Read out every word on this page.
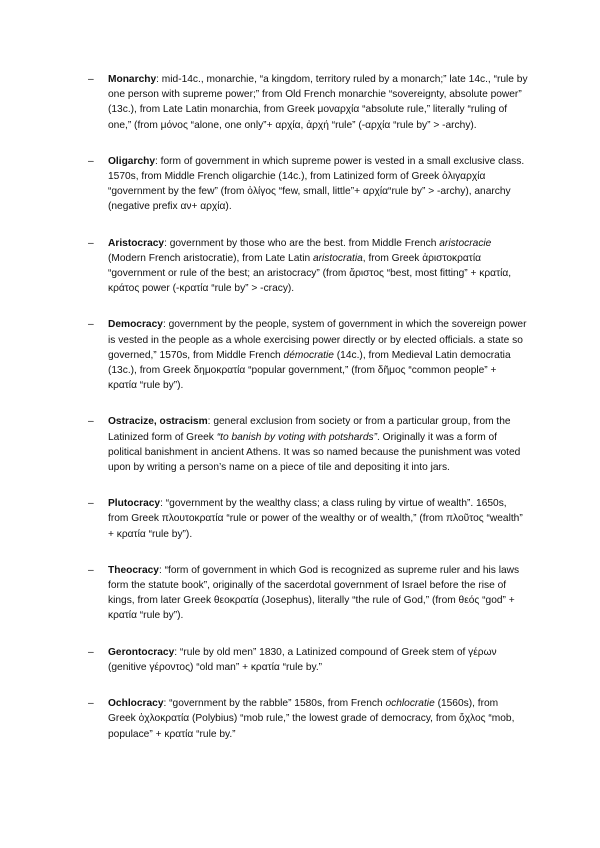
– Monarchy: mid-14c., monarchie, “a kingdom, territory ruled by a monarch;” late 14c., “rule by one person with supreme power;” from Old French monarchie “sovereignty, absolute power” (13c.), from Late Latin monarchia, from Greek μοναρχία “absolute rule,” literally “ruling of one,” (from μόνος “alone, one only”+ αρχία, ἀρχή “rule” (-αρχία “rule by” > -archy).
– Oligarchy: form of government in which supreme power is vested in a small exclusive class. 1570s, from Middle French oligarchie (14c.), from Latinized form of Greek ὀλιγαρχία “government by the few” (from ὀλίγος “few, small, little”+ αρχία“rule by” > -archy), anarchy (negative prefix αν+ αρχία).
– Aristocracy: government by those who are the best. from Middle French aristocracie (Modern French aristocratie), from Late Latin aristocratia, from Greek ἀριστοκρατία “government or rule of the best; an aristocracy” (from ἄριστος “best, most fitting” + κρατία, κράτος power (-κρατία “rule by” > -cracy).
– Democracy: government by the people, system of government in which the sovereign power is vested in the people as a whole exercising power directly or by elected officials. a state so governed,” 1570s, from Middle French démocratie (14c.), from Medieval Latin democratia (13c.), from Greek δημοκρατία “popular government,” (from δῆμος “common people” + κρατία “rule by”).
– Ostracize, ostracism: general exclusion from society or from a particular group, from the Latinized form of Greek “to banish by voting with potshards”. Originally it was a form of political banishment in ancient Athens. It was so named because the punishment was voted upon by writing a person’s name on a piece of tile and depositing it into jars.
– Plutocracy: “government by the wealthy class; a class ruling by virtue of wealth”. 1650s, from Greek πλουτοκρατία “rule or power of the wealthy or of wealth,” (from πλοῦτος “wealth” + κρατία “rule by”).
– Theocracy: “form of government in which God is recognized as supreme ruler and his laws form the statute book”, originally of the sacerdotal government of Israel before the rise of kings, from later Greek θεοκρατία (Josephus), literally “the rule of God,” (from θεός “god” + κρατία “rule by”).
– Gerontocracy: “rule by old men” 1830, a Latinized compound of Greek stem of γέρων (genitive γέροντος) “old man” + κρατία “rule by.”
– Ochlocracy: “government by the rabble” 1580s, from French ochlocratie (1560s), from Greek ὀχλοκρατία (Polybius) “mob rule,” the lowest grade of democracy, from ὄχλος “mob, populace” + κρατία “rule by.”
